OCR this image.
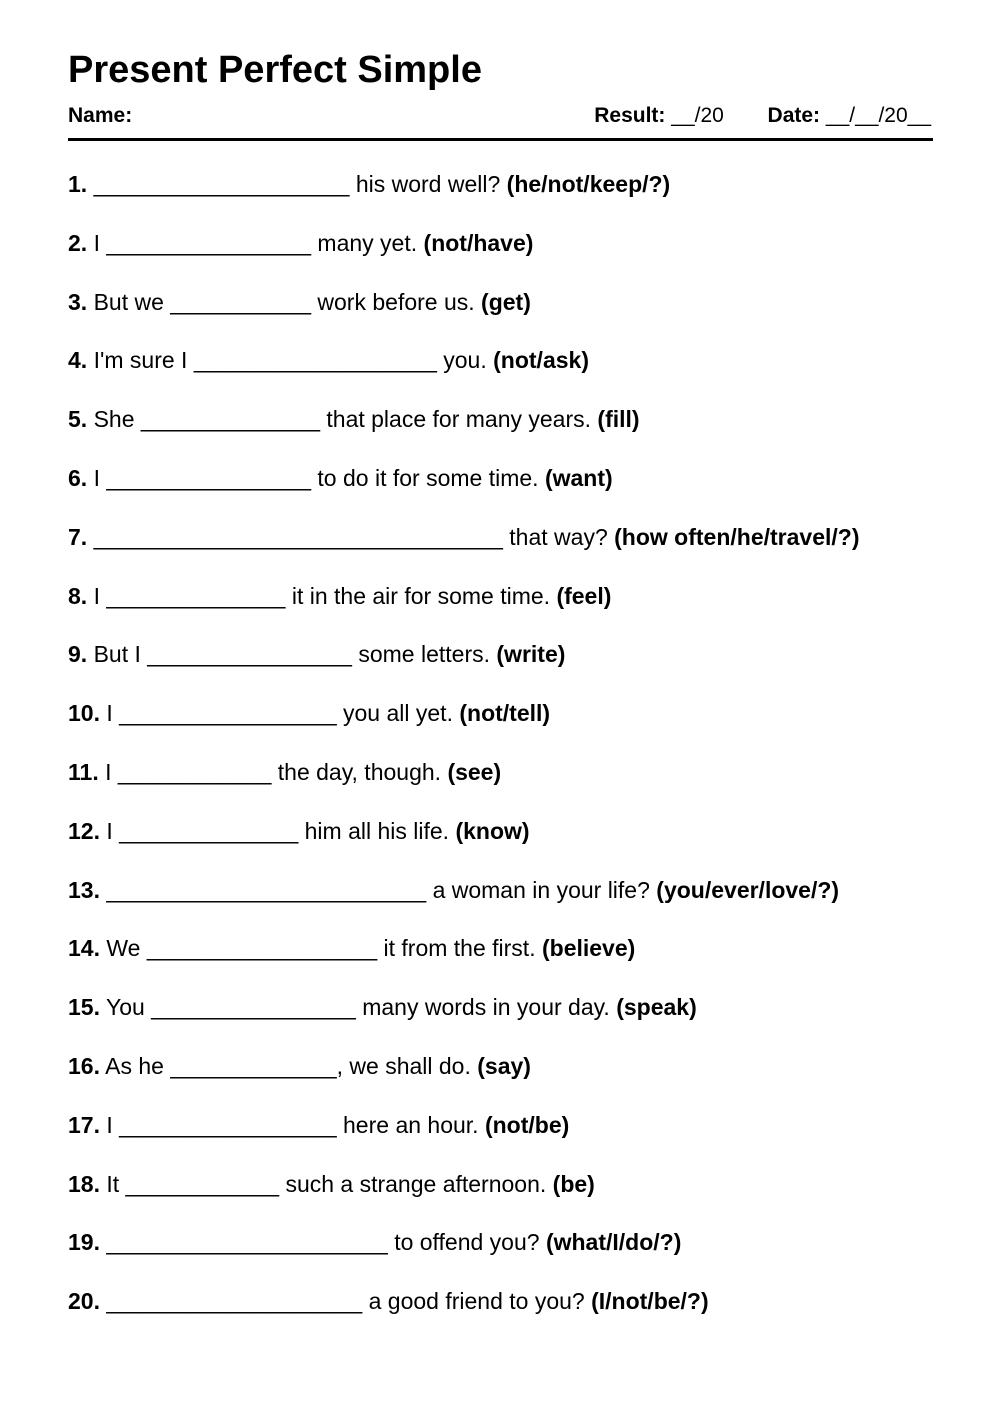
Present Perfect Simple
Name:	Result: __/20 Date: __/__/20__
1. ____________________ his word well? (he/not/keep/?)
2. I ________________ many yet. (not/have)
3. But we ___________ work before us. (get)
4. I'm sure I ___________________ you. (not/ask)
5. She ______________ that place for many years. (fill)
6. I ________________ to do it for some time. (want)
7. ________________________________ that way? (how often/he/travel/?)
8. I ______________ it in the air for some time. (feel)
9. But I ________________ some letters. (write)
10. I _________________ you all yet. (not/tell)
11. I ____________ the day, though. (see)
12. I ______________ him all his life. (know)
13. _________________________ a woman in your life? (you/ever/love/?)
14. We __________________ it from the first. (believe)
15. You ________________ many words in your day. (speak)
16. As he _____________, we shall do. (say)
17. I _________________ here an hour. (not/be)
18. It ____________ such a strange afternoon. (be)
19. ______________________ to offend you? (what/I/do/?)
20. ____________________ a good friend to you? (I/not/be/?)
